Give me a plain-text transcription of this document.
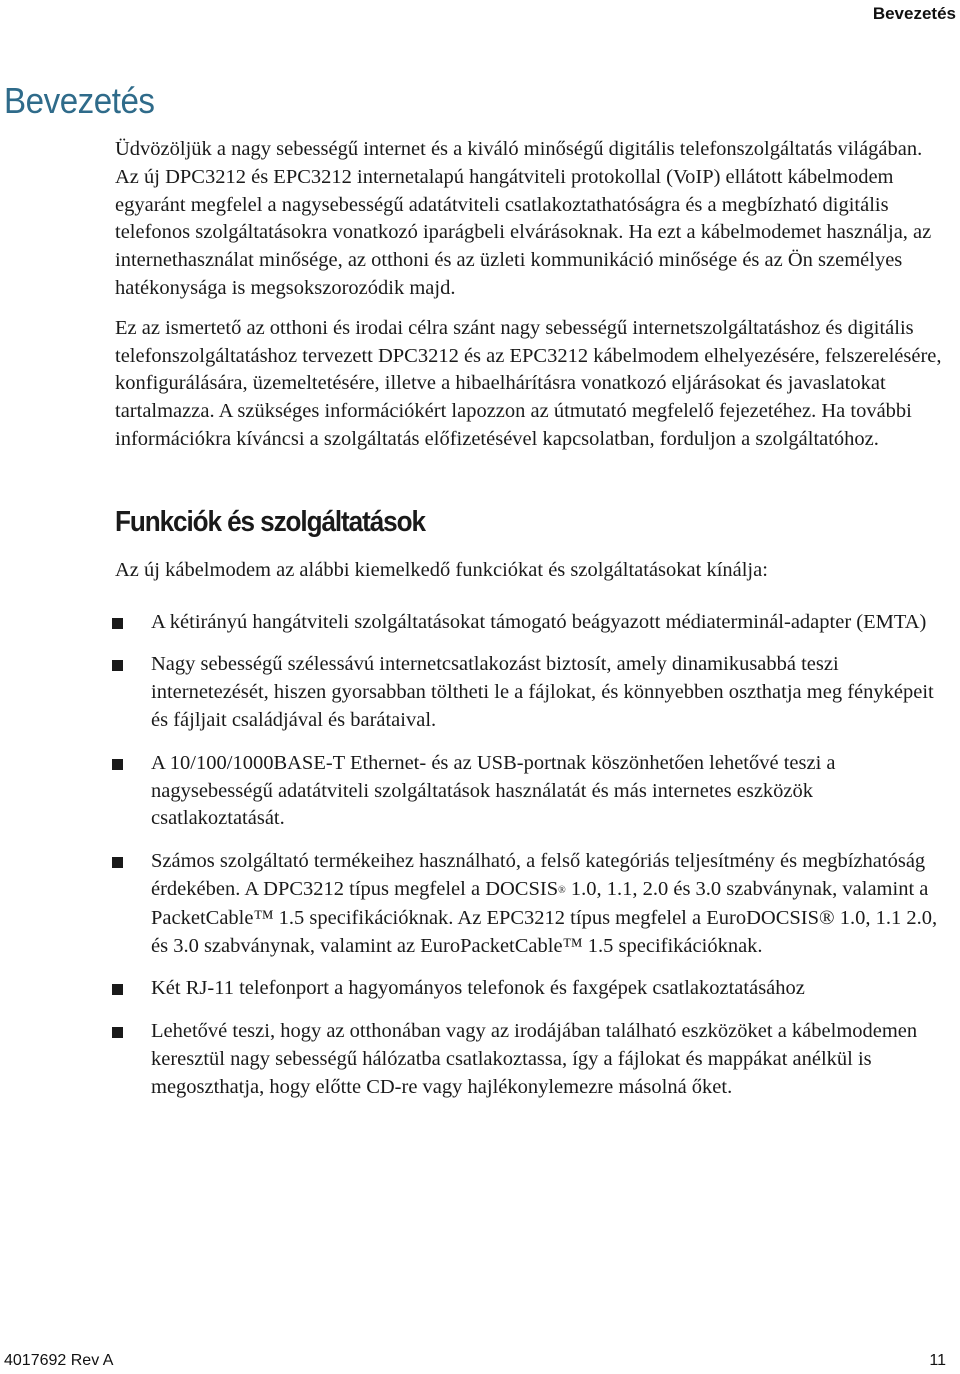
Bevezetés
Bevezetés

Üdvözöljük a nagy sebességű internet és a kiváló minőségű digitális telefonszolgáltatás világában. Az új DPC3212 és EPC3212 internetalapú hangátviteli protokollal (VoIP) ellátott kábelmodem egyaránt megfelel a nagysebességű adatátviteli csatlakoztathatóságra és a megbízható digitális telefonos szolgáltatásokra vonatkozó iparágbeli elvárásoknak. Ha ezt a kábelmodemet használja, az internethasználat minősége, az otthoni és az üzleti kommunikáció minősége és az Ön személyes hatékonysága is megsokszorozódik majd.

Ez az ismertető az otthoni és irodai célra szánt nagy sebességű internetszolgáltatáshoz és digitális telefonszolgáltatáshoz tervezett DPC3212 és az EPC3212 kábelmodem elhelyezésére, felszerelésére, konfigurálására, üzemeltetésére, illetve a hibaelhárításra vonatkozó eljárásokat és javaslatokat tartalmazza. A szükséges információkért lapozzon az útmutató megfelelő fejezetéhez. Ha további információkra kíváncsi a szolgáltatás előfizetésével kapcsolatban, forduljon a szolgáltatóhoz.

Funkciók és szolgáltatások

Az új kábelmodem az alábbi kiemelkedő funkciókat és szolgáltatásokat kínálja:

A kétirányú hangátviteli szolgáltatásokat támogató beágyazott médiaterminál-adapter (EMTA)
Nagy sebességű szélessávú internetcsatlakozást biztosít, amely dinamikusabbá teszi internetezését, hiszen gyorsabban töltheti le a fájlokat, és könnyebben oszthatja meg fényképeit és fájljait családjával és barátaival.
A 10/100/1000BASE-T Ethernet- és az USB-portnak köszönhetően lehetővé teszi a nagysebességű adatátviteli szolgáltatások használatát és más internetes eszközök csatlakoztatását.
Számos szolgáltató termékeihez használható, a felső kategóriás teljesítmény és megbízhatóság érdekében. A DPC3212 típus megfelel a DOCSIS® 1.0, 1.1, 2.0 és 3.0 szabványnak, valamint a PacketCable™ 1.5 specifikációknak. Az EPC3212 típus megfelel a EuroDOCSIS® 1.0, 1.1 2.0, és 3.0 szabványnak, valamint az EuroPacketCable™ 1.5 specifikációknak.
Két RJ-11 telefonport a hagyományos telefonok és faxgépek csatlakoztatásához
Lehetővé teszi, hogy az otthonában vagy az irodájában található eszközöket a kábelmodemen keresztül nagy sebességű hálózatba csatlakoztassa, így a fájlokat és mappákat anélkül is megoszthatja, hogy előtte CD-re vagy hajlékonylemezre másolná őket.
4017692 Rev A	11
